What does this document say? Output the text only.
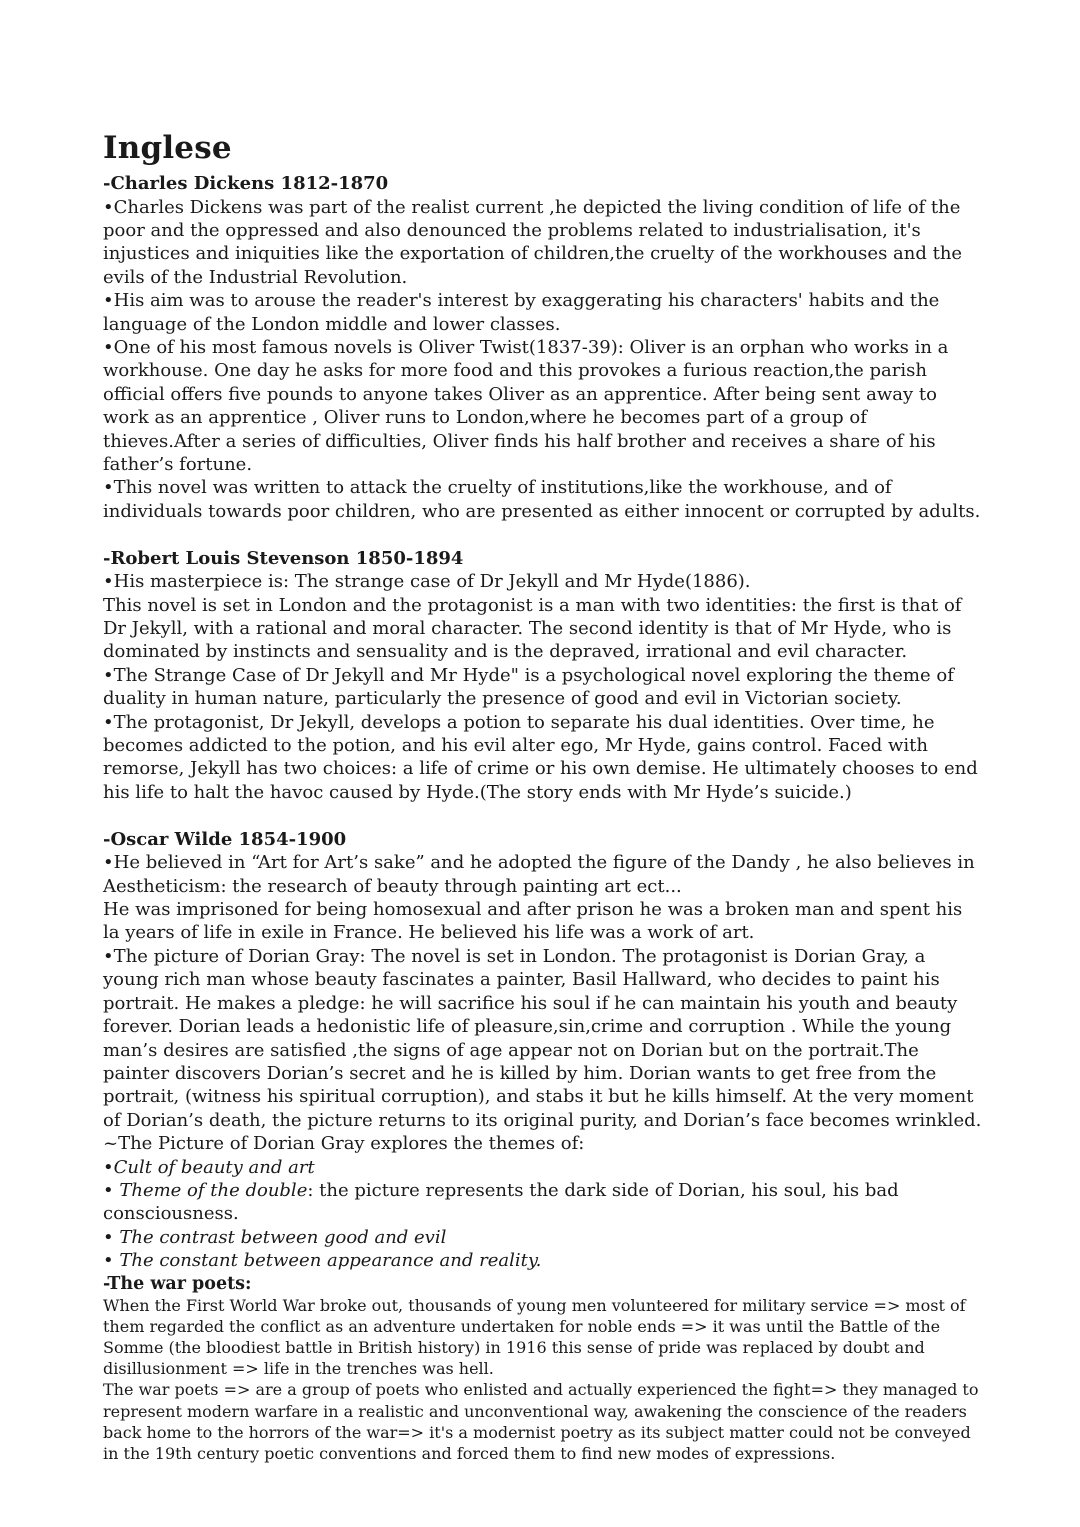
Inglese
-Charles Dickens 1812-1870

•Charles Dickens was part of the realist current ,he depicted the living condition of life of the poor and the oppressed and also denounced the problems related to industrialisation, it's injustices and iniquities like the exportation of children,the cruelty of the workhouses and the evils of the Industrial Revolution.

•His aim was to arouse the reader's interest by exaggerating his characters' habits and the language of the London middle and lower classes.

•One of his most famous novels is Oliver Twist(1837-39): Oliver is an orphan who works in a workhouse. One day he asks for more food and this provokes a furious reaction,the parish official offers five pounds to anyone takes Oliver as an apprentice. After being sent away to work as an apprentice , Oliver runs to London,where he becomes part of a group of thieves.After a series of difficulties, Oliver finds his half brother and receives a share of his father’s fortune.

•This novel was written to attack the cruelty of institutions,like the workhouse, and of individuals towards poor children, who are presented as either innocent or corrupted by adults.

-Robert Louis Stevenson 1850-1894

•His masterpiece is: The strange case of Dr Jekyll and Mr Hyde(1886).

This novel is set in London and the protagonist is a man with two identities: the first is that of Dr Jekyll, with a rational and moral character. The second identity is that of Mr Hyde, who is dominated by instincts and sensuality and is the depraved, irrational and evil character.

•The Strange Case of Dr Jekyll and Mr Hyde" is a psychological novel exploring the theme of duality in human nature, particularly the presence of good and evil in Victorian society.

•The protagonist, Dr Jekyll, develops a potion to separate his dual identities. Over time, he becomes addicted to the potion, and his evil alter ego, Mr Hyde, gains control. Faced with remorse, Jekyll has two choices: a life of crime or his own demise. He ultimately chooses to end his life to halt the havoc caused by Hyde.(The story ends with Mr Hyde’s suicide.)

-Oscar Wilde 1854-1900

•He believed in “Art for Art’s sake” and he adopted the figure of the Dandy , he also believes in Aestheticism: the research of beauty through painting art ect...

He was imprisoned for being homosexual and after prison he was a broken man and spent his la years of life in exile in France. He believed his life was a work of art.

•The picture of Dorian Gray: The novel is set in London. The protagonist is Dorian Gray, a young rich man whose beauty fascinates a painter, Basil Hallward, who decides to paint his portrait. He makes a pledge: he will sacrifice his soul if he can maintain his youth and beauty forever. Dorian leads a hedonistic life of pleasure,sin,crime and corruption . While the young man’s desires are satisfied ,the signs of age appear not on Dorian but on the portrait.The painter discovers Dorian’s secret and he is killed by him. Dorian wants to get free from the portrait, (witness his spiritual corruption), and stabs it but he kills himself. At the very moment of Dorian’s death, the picture returns to its original purity, and Dorian’s face becomes wrinkled.

~The Picture of Dorian Gray explores the themes of:

•Cult of beauty and art

• Theme of the double: the picture represents the dark side of Dorian, his soul, his bad consciousness.

• The contrast between good and evil

• The constant between appearance and reality.

-The war poets:

When the First World War broke out, thousands of young men volunteered for military service => most of them regarded the conflict as an adventure undertaken for noble ends => it was until the Battle of the Somme (the bloodiest battle in British history) in 1916 this sense of pride was replaced by doubt and disillusionment => life in the trenches was hell.

The war poets => are a group of poets who enlisted and actually experienced the fight=> they managed to represent modern warfare in a realistic and unconventional way, awakening the conscience of the readers back home to the horrors of the war=> it's a modernist poetry as its subject matter could not be conveyed in the 19th century poetic conventions and forced them to find new modes of expressions.
